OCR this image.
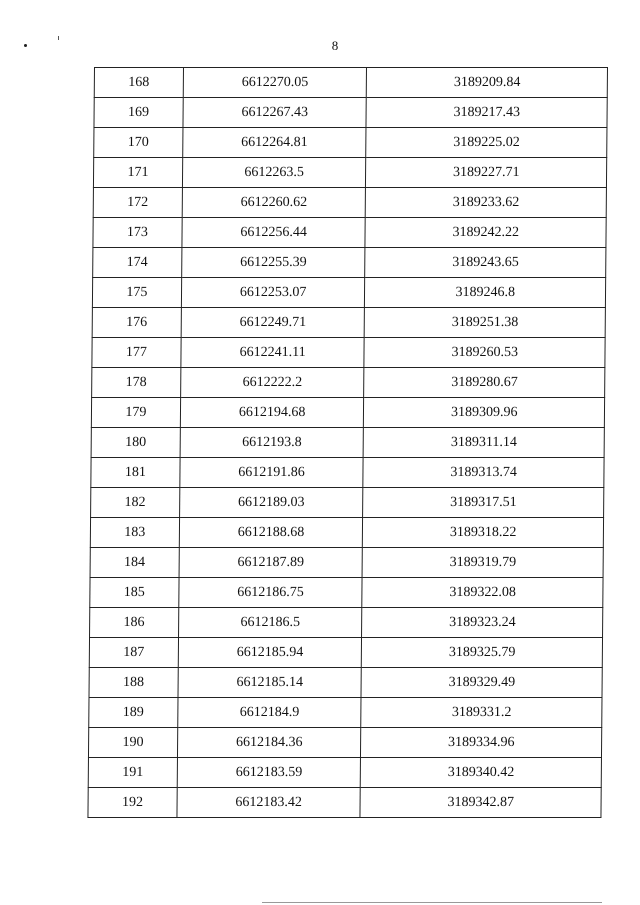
8
168	6612270.05	3189209.84
169	6612267.43	3189217.43
170	6612264.81	3189225.02
171	6612263.5	3189227.71
172	6612260.62	3189233.62
173	6612256.44	3189242.22
174	6612255.39	3189243.65
175	6612253.07	3189246.8
176	6612249.71	3189251.38
177	6612241.11	3189260.53
178	6612222.2	3189280.67
179	6612194.68	3189309.96
180	6612193.8	3189311.14
181	6612191.86	3189313.74
182	6612189.03	3189317.51
183	6612188.68	3189318.22
184	6612187.89	3189319.79
185	6612186.75	3189322.08
186	6612186.5	3189323.24
187	6612185.94	3189325.79
188	6612185.14	3189329.49
189	6612184.9	3189331.2
190	6612184.36	3189334.96
191	6612183.59	3189340.42
192	6612183.42	3189342.87
